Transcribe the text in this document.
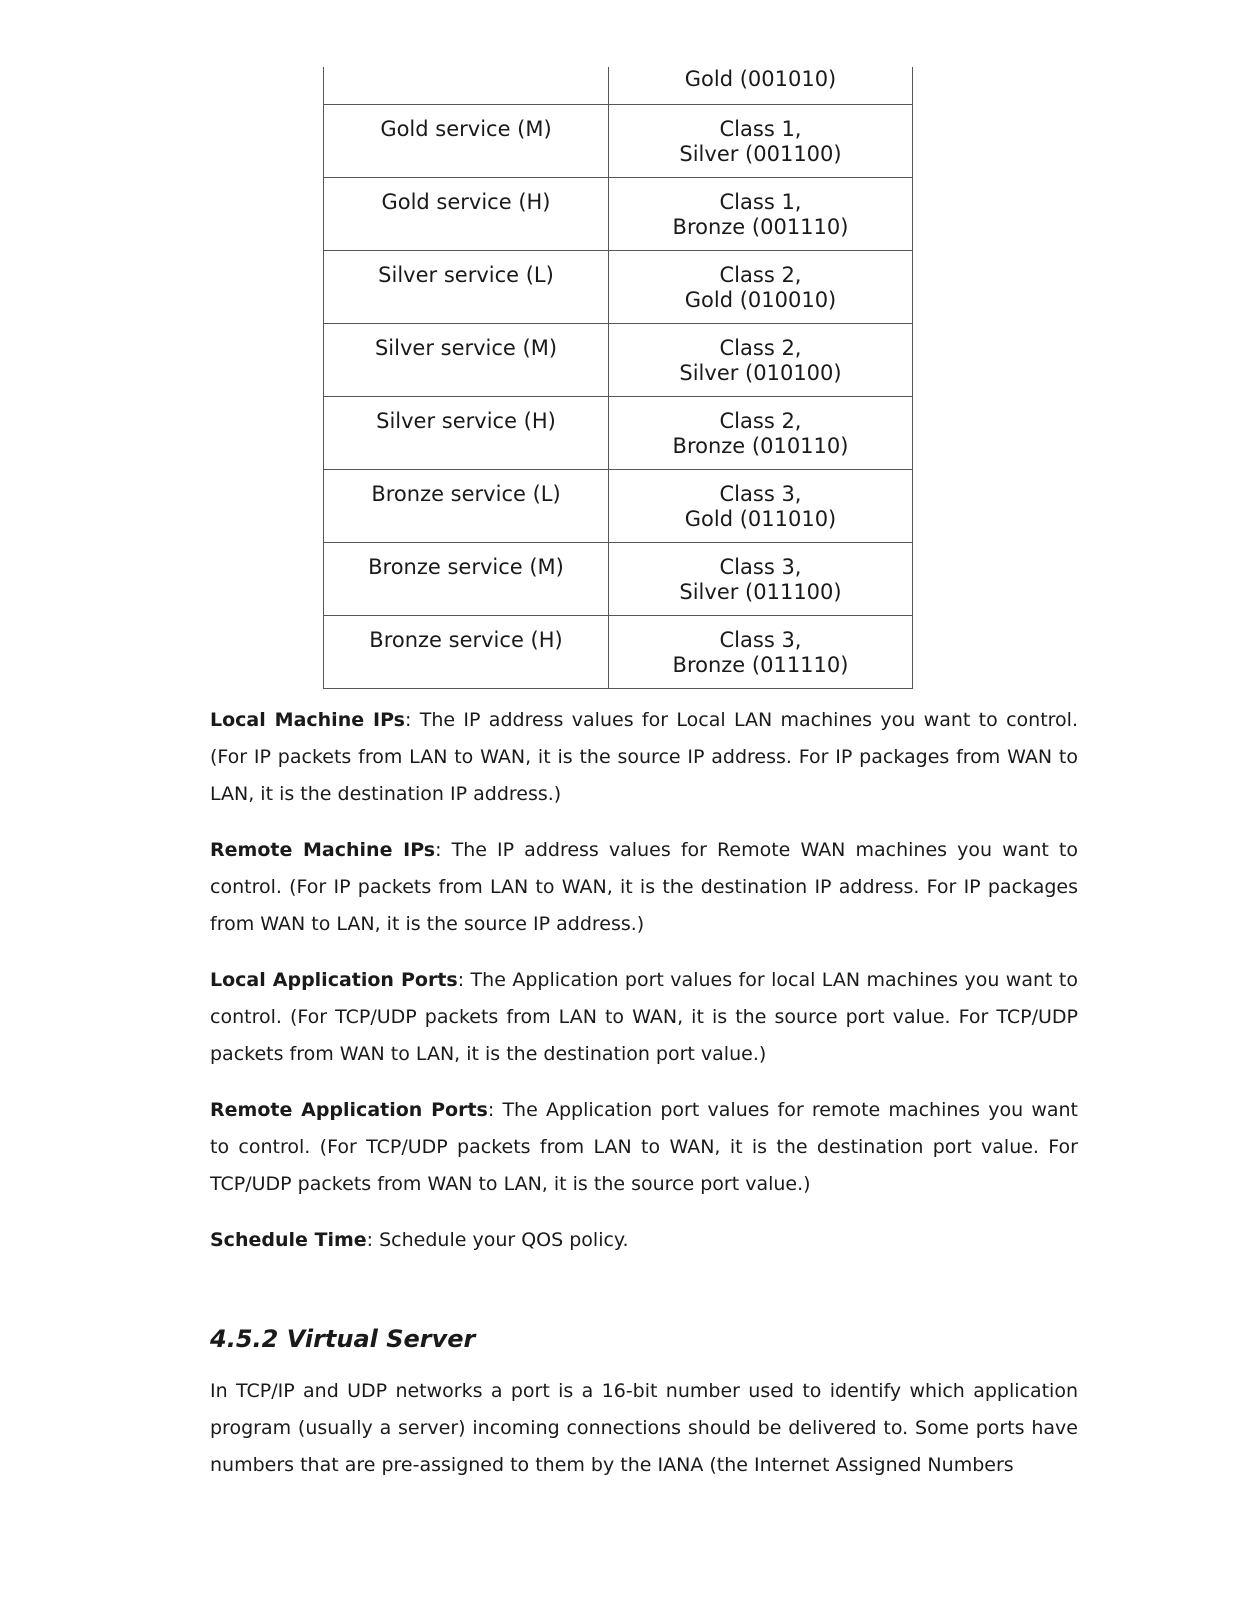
	Gold (001010)

Gold service (M)	Class 1,
Silver (001100)

Gold service (H)	Class 1,
Bronze (001110)

Silver service (L)	Class 2,
Gold (010010)

Silver service (M)	Class 2,
Silver (010100)

Silver service (H)	Class 2,
Bronze (010110)

Bronze service (L)	Class 3,
Gold (011010)

Bronze service (M)	Class 3,
Silver (011100)

Bronze service (H)	Class 3,
Bronze (011110)

Local Machine IPs: The IP address values for Local LAN machines you want to control. (For IP packets from LAN to WAN, it is the source IP address. For IP packages from WAN to LAN, it is the destination IP address.)

Remote Machine IPs: The IP address values for Remote WAN machines you want to control. (For IP packets from LAN to WAN, it is the destination IP address. For IP packages from WAN to LAN, it is the source IP address.)

Local Application Ports: The Application port values for local LAN machines you want to control. (For TCP/UDP packets from LAN to WAN, it is the source port value. For TCP/UDP packets from WAN to LAN, it is the destination port value.)

Remote Application Ports: The Application port values for remote machines you want to control. (For TCP/UDP packets from LAN to WAN, it is the destination port value. For TCP/UDP packets from WAN to LAN, it is the source port value.)

Schedule Time: Schedule your QOS policy.

4.5.2 Virtual Server

In TCP/IP and UDP networks a port is a 16-bit number used to identify which application program (usually a server) incoming connections should be delivered to. Some ports have numbers that are pre-assigned to them by the IANA (the Internet Assigned Numbers
